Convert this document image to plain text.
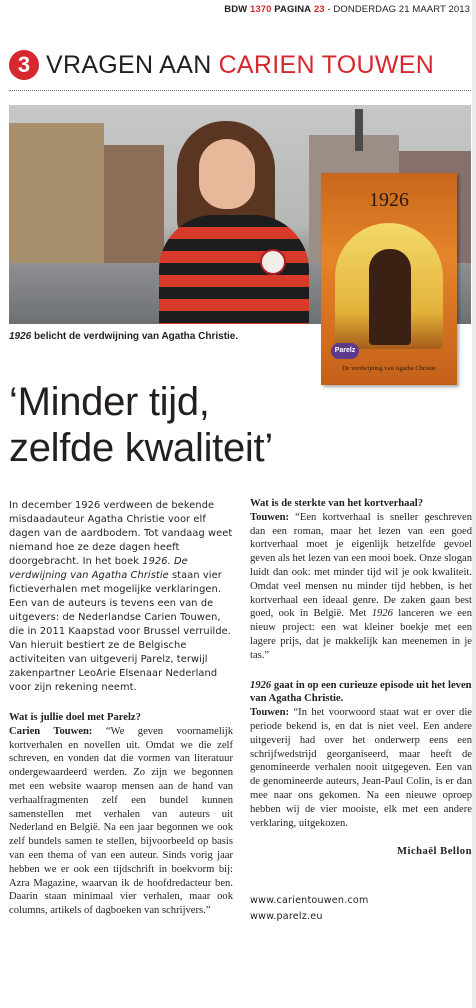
BDW 1370 PAGINA 23 - DONDERDAG 21 MAART 2013
3 VRAGEN AAN CARIEN TOUWEN
1926 belicht de verdwijning van Agatha Christie.
1926
Parelz
De verdwijning van Agatha Christie
‘Minder tijd,
zelfde kwaliteit’

In december 1926 verdween de bekende misdaadauteur Agatha Christie voor elf dagen van de aardbodem. Tot vandaag weet niemand hoe ze deze dagen heeft doorgebracht. In het boek 1926. De verdwijning van Agatha Christie staan vier fictieverhalen met mogelijke verklaringen. Een van de auteurs is tevens een van de uitgevers: de Nederlandse Carien Touwen, die in 2011 Kaapstad voor Brussel verruilde. Van hieruit bestiert ze de Belgische activiteiten van uitgeverij Parelz, terwijl zakenpartner LeoArie Elsenaar Nederland voor zijn rekening neemt.

Wat is jullie doel met Parelz?

Carien Touwen: “We geven voornamelijk kortverhalen en novellen uit. Omdat we die zelf schreven, en vonden dat die vormen van literatuur ondergewaardeerd werden. Zo zijn we begonnen met een website waarop mensen aan de hand van verhaalfragmenten zelf een bundel kunnen samenstellen met verhalen van auteurs uit Nederland en België. Na een jaar begonnen we ook zelf bundels samen te stellen, bijvoorbeeld op basis van een thema of van een auteur. Sinds vorig jaar hebben we er ook een tijdschrift in boekvorm bij: Azra Magazine, waarvan ik de hoofdredacteur ben. Daarin staan minimaal vier verhalen, maar ook columns, artikels of dagboeken van schrijvers.”

Wat is de sterkte van het kortverhaal?

Touwen: “Een kortverhaal is sneller geschreven dan een roman, maar het lezen van een goed kortverhaal moet je eigenlijk hetzelfde gevoel geven als het lezen van een mooi boek. Onze slogan luidt dan ook: met minder tijd wil je ook kwaliteit. Omdat veel mensen nu minder tijd hebben, is het kortverhaal een ideaal genre. De zaken gaan best goed, ook in België. Met 1926 lanceren we een nieuw project: een wat kleiner boekje met een lagere prijs, dat je makkelijk kan meenemen in je tas.”

1926 gaat in op een curieuze episode uit het leven van Agatha Christie.

Touwen: “In het voorwoord staat wat er over die periode bekend is, en dat is niet veel. Een andere uitgeverij had over het onderwerp eens een schrijfwedstrijd georganiseerd, maar heeft de genomineerde verhalen nooit uitgegeven. Een van de genomineerde auteurs, Jean-Paul Colin, is er dan mee naar ons gekomen. Na een nieuwe oproep hebben wij de vier mooiste, elk met een andere verklaring, uitgekozen.

Michaël Bellon
www.carientouwen.com
www.parelz.eu
